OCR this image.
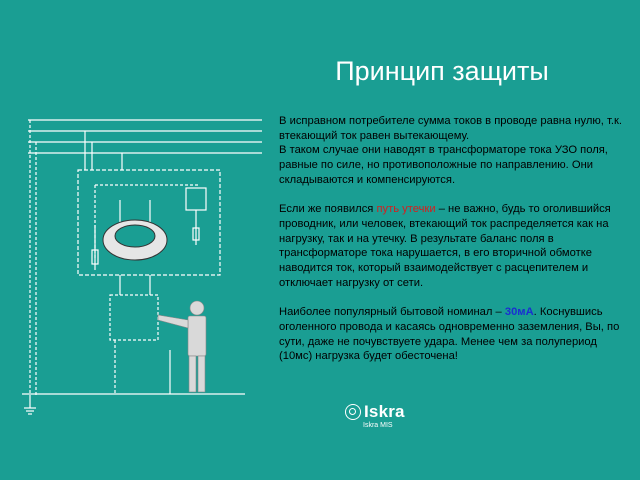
Принцип защиты

В исправном потребителе сумма токов в проводе равна нулю, т.к. втекающий ток равен вытекающему.

В таком случае они наводят в трансформаторе тока УЗО поля, равные по силе, но противоположные по направлению. Они складываются и компенсируются.

Если же появился путь утечки – не важно, будь то оголившийся проводник, или человек, втекающий ток распределяется как на нагрузку, так и на утечку. В результате баланс поля в трансформаторе тока нарушается, в его вторичной обмотке наводится ток, который взаимодействует с расцепителем и отключает нагрузку от сети.

Наиболее популярный бытовой номинал – 30мА. Коснувшись оголенного провода и касаясь одновременно заземления, Вы, по сути, даже не почувствуете удара. Менее чем за полупериод (10мс) нагрузка будет обесточена!

Iskra
Iskra MIS
